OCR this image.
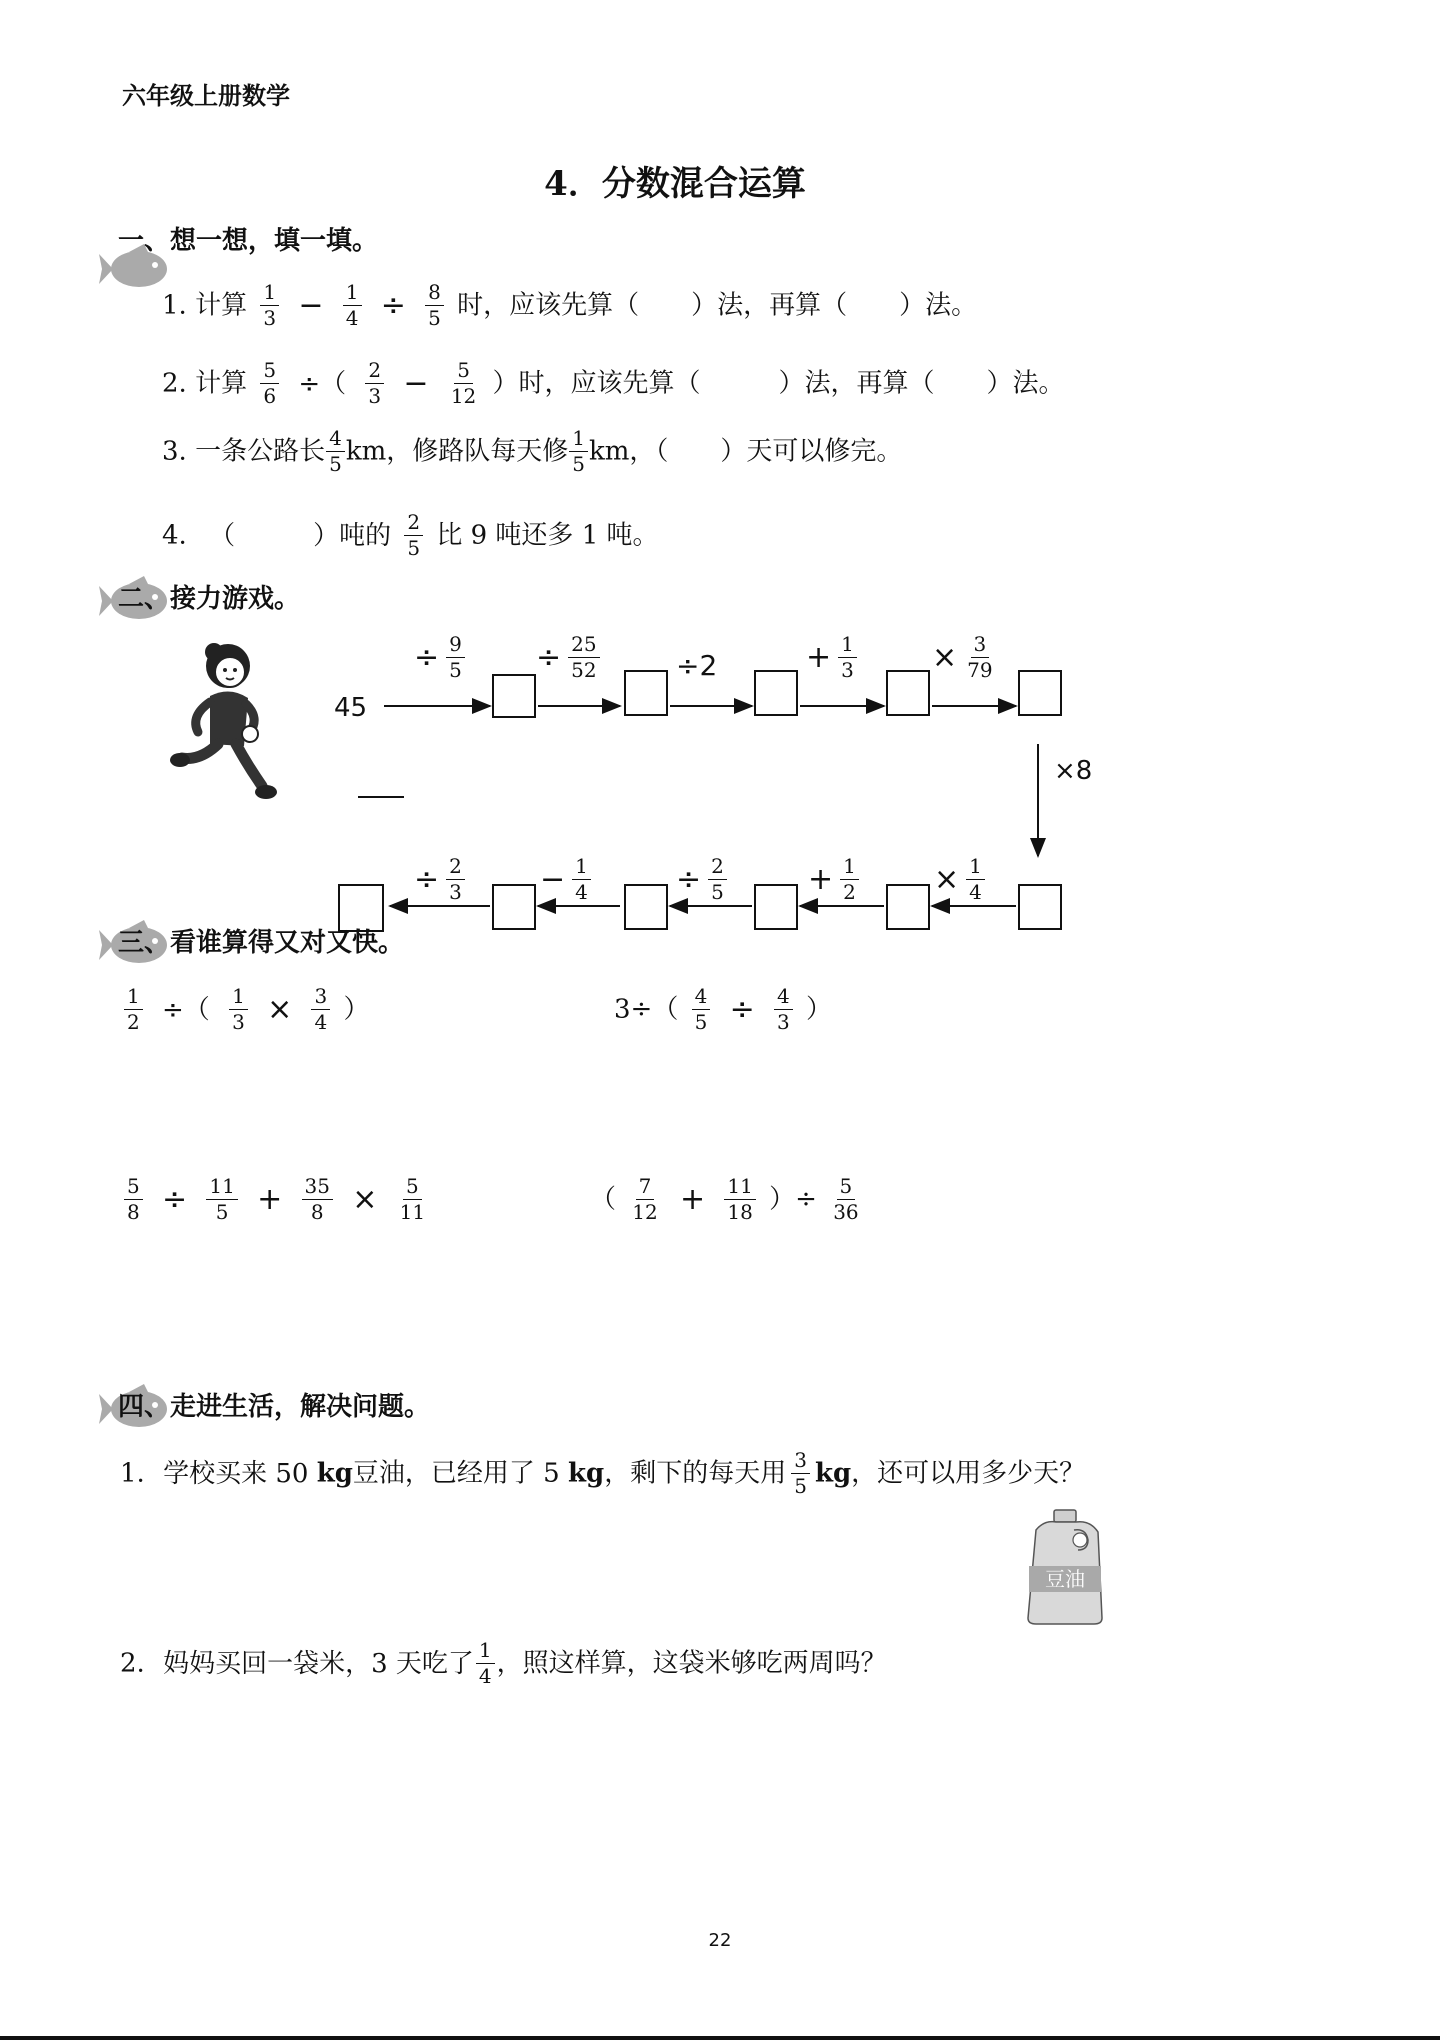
六年级上册数学
4．分数混合运算
一、想一想，填一填。
1. 计算 $\frac{1}{3} - \frac{1}{4} \div \frac{8}{5}$ 时，应该先算（　　）法，再算（　　）法。
2. 计算 $\frac{5}{6}$ ÷（ $\frac{2}{3} - \frac{5}{12}$ ）时，应该先算（　　　）法，再算（　　）法。
3. 一条公路长 $\frac{4}{5}$ km，修路队每天修 $\frac{1}{5}$ km，（　　）天可以修完。
4. （　　　）吨的 $\frac{2}{5}$ 比 9 吨还多 1 吨。
二、接力游戏。
45
÷ $\frac{9}{5} \div \frac{25}{52}$	÷2	+ $\frac{1}{3}$	× $\frac{3}{79}$
×8
÷ $\frac{2}{3}$	− $\frac{1}{4}$	÷ $\frac{2}{5}$	+ $\frac{1}{2}$	× $\frac{1}{4}$
三、看谁算得又对又快。
$\frac{1}{2}$ ÷（ $\frac{1}{3} \times \frac{3}{4}$ ）	$3\div( \frac{4}{5} \div \frac{4}{3}$ ）
$\frac{5}{8} \div \frac{11}{5} + \frac{35}{8} \times \frac{5}{11}$	（ $\frac{7}{12} + \frac{11}{18}$ ）÷ $\frac{5}{36}$
四、走进生活，解决问题。
1. 学校买来 50 kg豆油，已经用了 5 kg，剩下的每天用 $\frac{3}{5}$ kg，还可以用多少天？
豆油
2. 妈妈买回一袋米，3 天吃了 $\frac{1}{4}$ ，照这样算，这袋米够吃两周吗？
22
